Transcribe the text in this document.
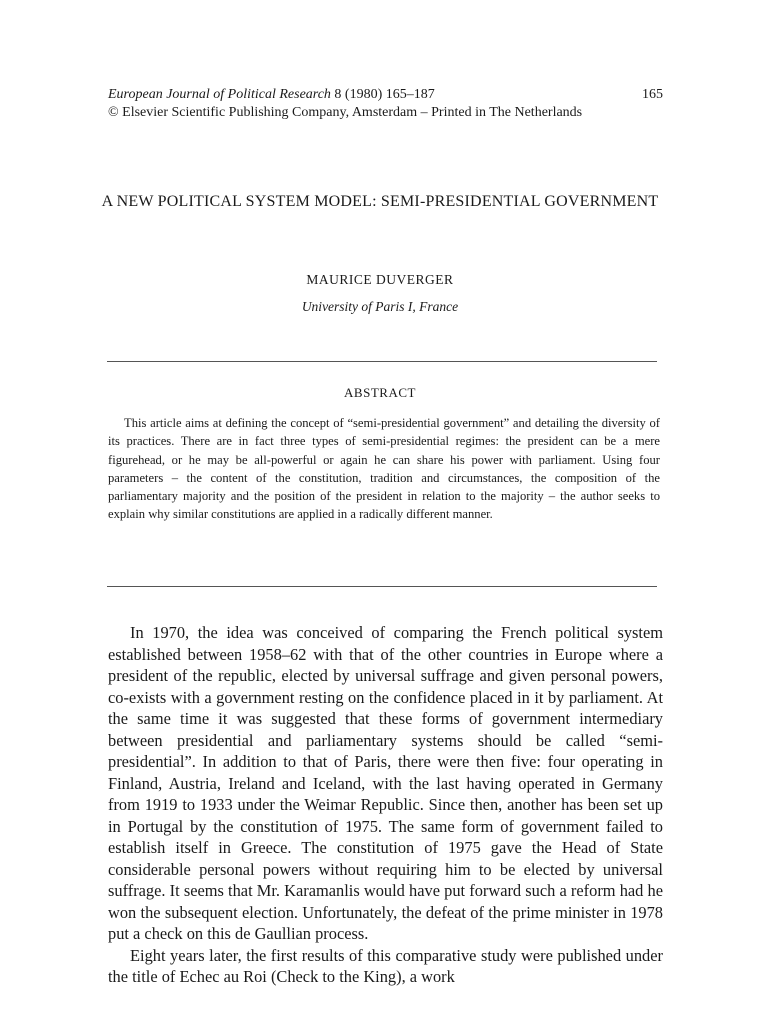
European Journal of Political Research 8 (1980) 165–187	165
© Elsevier Scientific Publishing Company, Amsterdam – Printed in The Netherlands
A NEW POLITICAL SYSTEM MODEL: SEMI-PRESIDENTIAL GOVERNMENT
MAURICE DUVERGER
University of Paris I, France
ABSTRACT

This article aims at defining the concept of “semi-presidential government” and detailing the diversity of its practices. There are in fact three types of semi-presidential regimes: the president can be a mere figurehead, or he may be all-powerful or again he can share his power with parliament. Using four parameters – the content of the constitution, tradition and circumstances, the composition of the parliamentary majority and the position of the president in relation to the majority – the author seeks to explain why similar constitutions are applied in a radically different manner.

In 1970, the idea was conceived of comparing the French political system established between 1958–62 with that of the other countries in Europe where a president of the republic, elected by universal suffrage and given personal powers, co-exists with a government resting on the confidence placed in it by parliament. At the same time it was suggested that these forms of government intermediary between presidential and parliamentary systems should be called “semi-presidential”. In addition to that of Paris, there were then five: four operating in Finland, Austria, Ireland and Iceland, with the last having operated in Germany from 1919 to 1933 under the Weimar Republic. Since then, another has been set up in Portugal by the constitution of 1975. The same form of government failed to establish itself in Greece. The constitution of 1975 gave the Head of State considerable personal powers without requiring him to be elected by universal suffrage. It seems that Mr. Karamanlis would have put forward such a reform had he won the subsequent election. Unfortunately, the defeat of the prime minister in 1978 put a check on this de Gaullian process.

Eight years later, the first results of this comparative study were published under the title of Echec au Roi (Check to the King), a work
